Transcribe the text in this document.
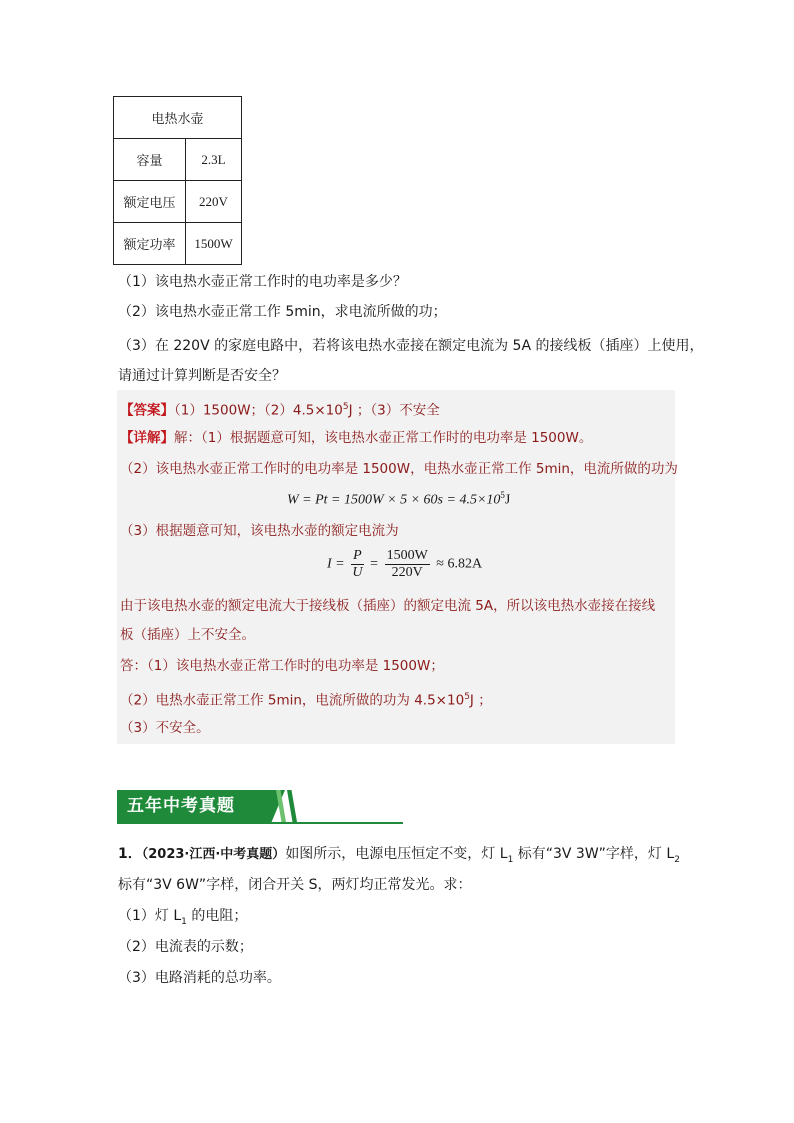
电热水壶	
容量	2.3L
额定电压	220V
额定功率	1500W
（1）该电热水壶正常工作时的电功率是多少？
（2）该电热水壶正常工作 5min，求电流所做的功；
（3）在 220V 的家庭电路中，若将该电热水壶接在额定电流为 5A 的接线板（插座）上使用，
请通过计算判断是否安全？
【答案】（1）1500W；$(2)4.5\times 10^5J$ ；（3）不安全
【详解】解：（1）根据题意可知，该电热水壶正常工作时的电功率是 1500W。
（2）该电热水壶正常工作时的电功率是 1500W，电热水壶正常工作 5min，电流所做的功为
$W = Pt = 1500W \times 5 \times 60s = 4.5\times 10^5J$
（3）根据题意可知，该电热水壶的额定电流为
$I = \frac{P}{U} = \frac{1500W}{220V} \approx 6.82A$
由于该电热水壶的额定电流大于接线板（插座）的额定电流 5A，所以该电热水壶接在接线
板（插座）上不安全。
答：（1）该电热水壶正常工作时的电功率是 1500W；
（2）电热水壶正常工作 5min，电流所做的功为 $4.5\times 10^5J$ ；
（3）不安全。
五年中考真题
1．（2023·江西·中考真题）如图所示，电源电压恒定不变，灯 $L_1$ 标有“3V 3W”字样，灯 $L_2$
标有“3V 6W”字样，闭合开关 S，两灯均正常发光。求：
（1）灯 $L_1$ 的电阻；
（2）电流表的示数；
（3）电路消耗的总功率。
